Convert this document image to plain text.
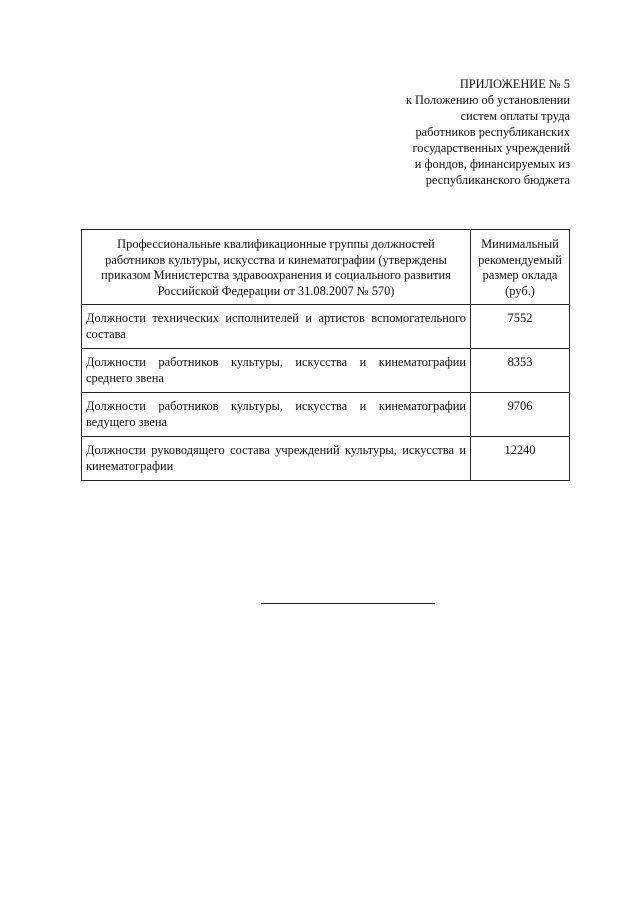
ПРИЛОЖЕНИЕ № 5
к Положению об установлении
систем оплаты труда
работников республиканских
государственных учреждений
и фондов, финансируемых из
республиканского бюджета
Профессиональные квалификационные группы должностей работников культуры, искусства и кинематографии (утверждены приказом Министерства здравоохранения и социального развития Российской Федерации от 31.08.2007 № 570)	Минимальный рекомендуемый размер оклада (руб.)
Должности технических исполнителей и артистов вспомогательного состава	7552
Должности работников культуры, искусства и кинематографии среднего звена	8353
Должности работников культуры, искусства и кинематографии ведущего звена	9706
Должности руководящего состава учреждений культуры, искусства и кинематографии	12240
